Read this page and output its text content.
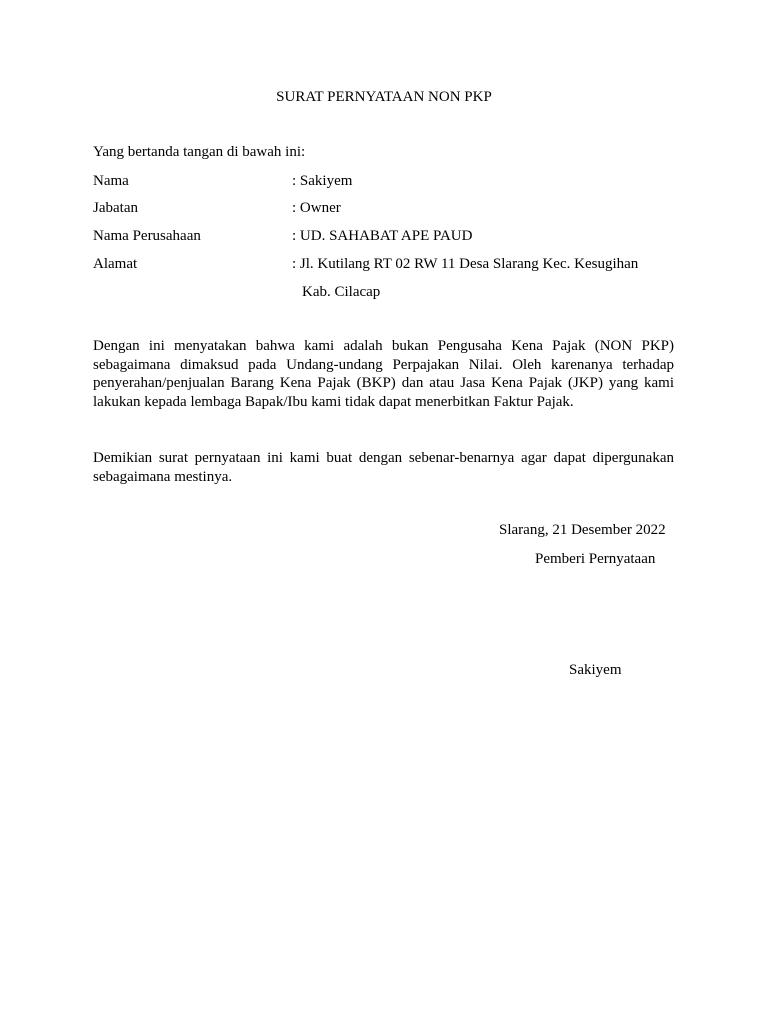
SURAT PERNYATAAN NON PKP
Yang bertanda tangan di bawah ini:
Nama	: Sakiyem
Jabatan	: Owner
Nama Perusahaan	: UD. SAHABAT APE PAUD
Alamat	: Jl. Kutilang RT 02 RW 11 Desa Slarang Kec. Kesugihan
Kab. Cilacap
Dengan ini menyatakan bahwa kami adalah bukan Pengusaha Kena Pajak (NON PKP) sebagaimana dimaksud pada Undang-undang Perpajakan Nilai. Oleh karenanya terhadap penyerahan/penjualan Barang Kena Pajak (BKP) dan atau Jasa Kena Pajak (JKP) yang kami lakukan kepada lembaga Bapak/Ibu kami tidak dapat menerbitkan Faktur Pajak.
Demikian surat pernyataan ini kami buat dengan sebenar-benarnya agar dapat dipergunakan sebagaimana mestinya.
Slarang, 21 Desember 2022
Pemberi Pernyataan
Sakiyem
